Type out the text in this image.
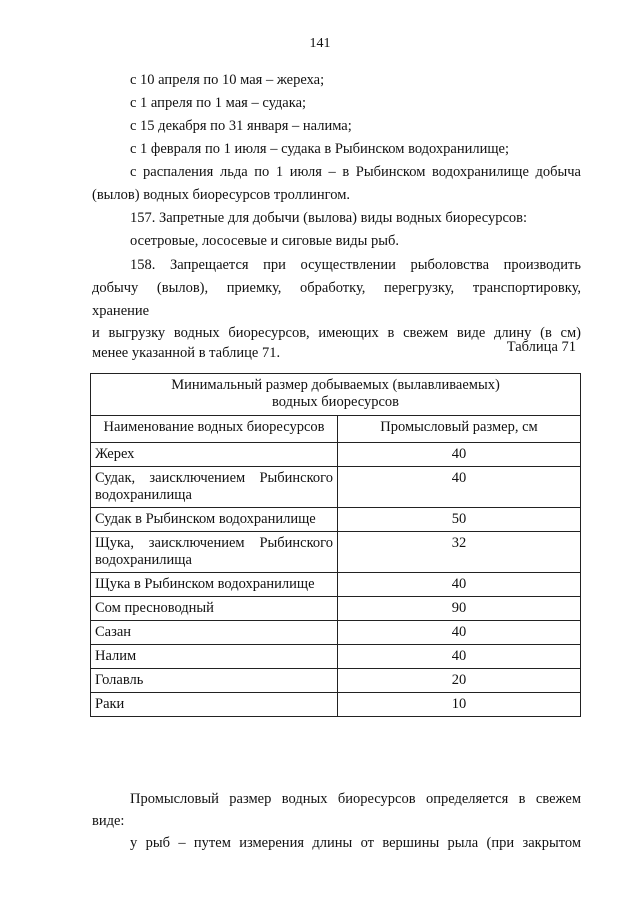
141
с 10 апреля по 10 мая – жереха;
с 1 апреля по 1 мая – судака;
с 15 декабря по 31 января – налима;
с 1 февраля по 1 июля – судака в Рыбинском водохранилище;
с распаления льда по 1 июля – в Рыбинском водохранилище добыча
(вылов) водных биоресурсов троллингом.
157. Запретные для добычи (вылова) виды водных биоресурсов:
осетровые, лососевые и сиговые виды рыб.
158. Запрещается при осуществлении рыболовства производить
добычу (вылов), приемку, обработку, перегрузку, транспортировку,
хранение
и выгрузку водных биоресурсов, имеющих в свежем виде длину (в см)
менее указанной в таблице 71.	Таблица 71
Минимальный размер добываемых (вылавливаемых)
водных биоресурсов	

Наименование водных биоресурсов	Промысловый размер, см
Жерех	40
Судак, заисключением Рыбинского водохранилища	40
Судак в Рыбинском водохранилище	50
Щука, заисключением Рыбинского водохранилища	32
Щука в Рыбинском водохранилище	40
Сом пресноводный	90
Сазан	40
Налим	40
Голавль	20
Раки	10
Промысловый размер водных биоресурсов определяется в свежем
виде:
у рыб – путем измерения длины от вершины рыла (при закрытом
